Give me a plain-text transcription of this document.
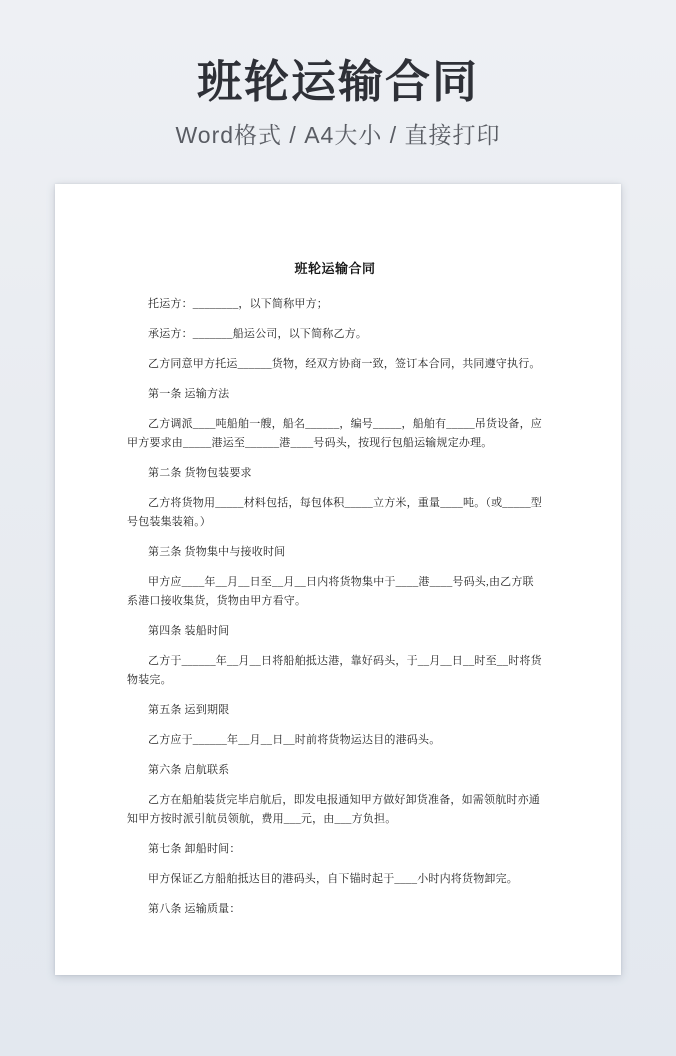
班轮运输合同
Word格式 / A4大小 / 直接打印
班轮运输合同

托运方：________，以下简称甲方；

承运方：_______船运公司，以下简称乙方。

乙方同意甲方托运______货物，经双方协商一致，签订本合同，共同遵守执行。

第一条 运输方法

乙方调派____吨船舶一艘，船名______，编号_____，船舶有_____吊货设备，应甲方要求由_____港运至______港____号码头，按现行包船运输规定办理。

第二条 货物包装要求

乙方将货物用_____材料包括，每包体积_____立方米，重量____吨。（或_____型号包装集装箱。）

第三条 货物集中与接收时间

甲方应____年__月__日至__月__日内将货物集中于____港____号码头,由乙方联系港口接收集货，货物由甲方看守。

第四条 装船时间

乙方于______年__月__日将船舶抵达港，靠好码头，于__月__日__时至__时将货物装完。

第五条 运到期限

乙方应于______年__月__日__时前将货物运达目的港码头。

第六条 启航联系

乙方在船舶装货完毕启航后，即发电报通知甲方做好卸货准备，如需领航时亦通知甲方按时派引航员领航，费用___元，由___方负担。

第七条 卸船时间：

甲方保证乙方船舶抵达目的港码头，自下锚时起于____小时内将货物卸完。

第八条 运输质量：
